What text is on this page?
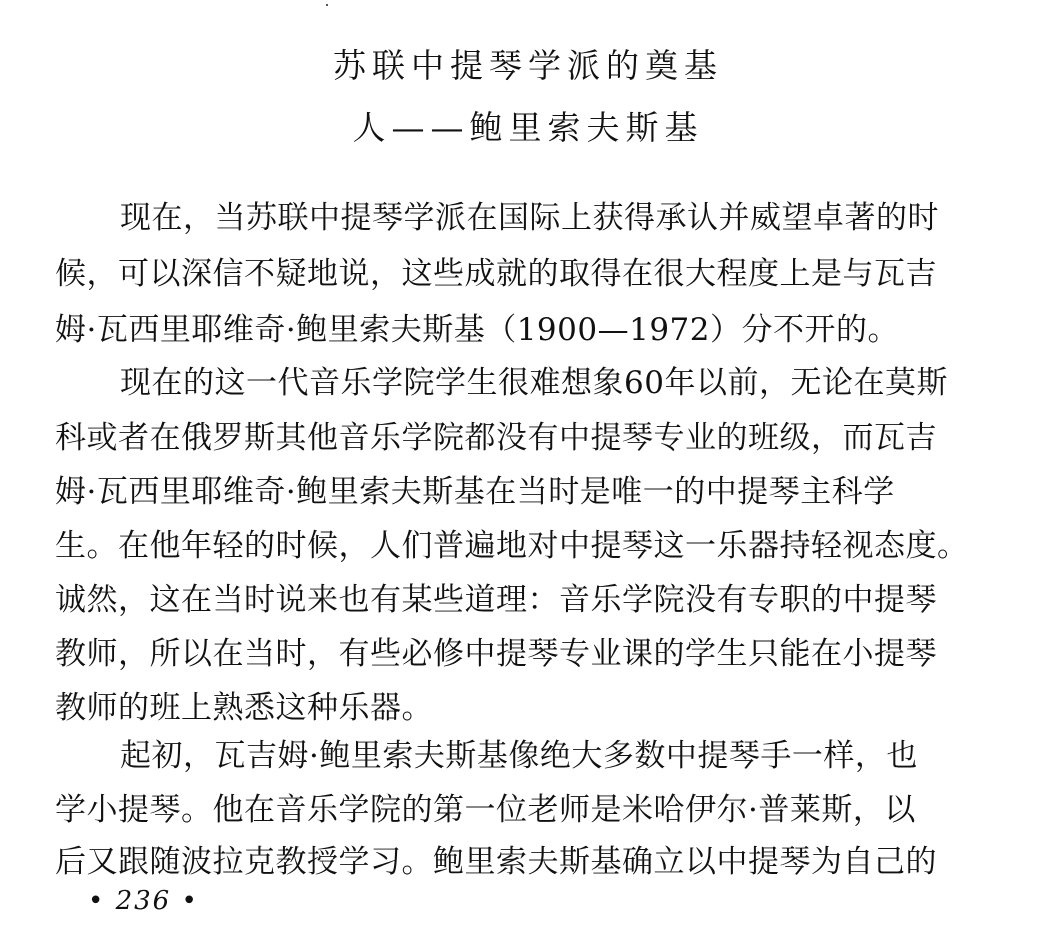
苏联中提琴学派的奠基
人——鲍里索夫斯基
现在，当苏联中提琴学派在国际上获得承认并威望卓著的时
候，可以深信不疑地说，这些成就的取得在很大程度上是与瓦吉
姆·瓦西里耶维奇·鲍里索夫斯基（1900—1972）分不开的。
现在的这一代音乐学院学生很难想象60年以前，无论在莫斯
科或者在俄罗斯其他音乐学院都没有中提琴专业的班级，而瓦吉
姆·瓦西里耶维奇·鲍里索夫斯基在当时是唯一的中提琴主科学
生。在他年轻的时候，人们普遍地对中提琴这一乐器持轻视态度。
诚然，这在当时说来也有某些道理：音乐学院没有专职的中提琴
教师，所以在当时，有些必修中提琴专业课的学生只能在小提琴
教师的班上熟悉这种乐器。
起初，瓦吉姆·鲍里索夫斯基像绝大多数中提琴手一样，也
学小提琴。他在音乐学院的第一位老师是米哈伊尔·普莱斯，以
后又跟随波拉克教授学习。鲍里索夫斯基确立以中提琴为自己的
• 236 •
